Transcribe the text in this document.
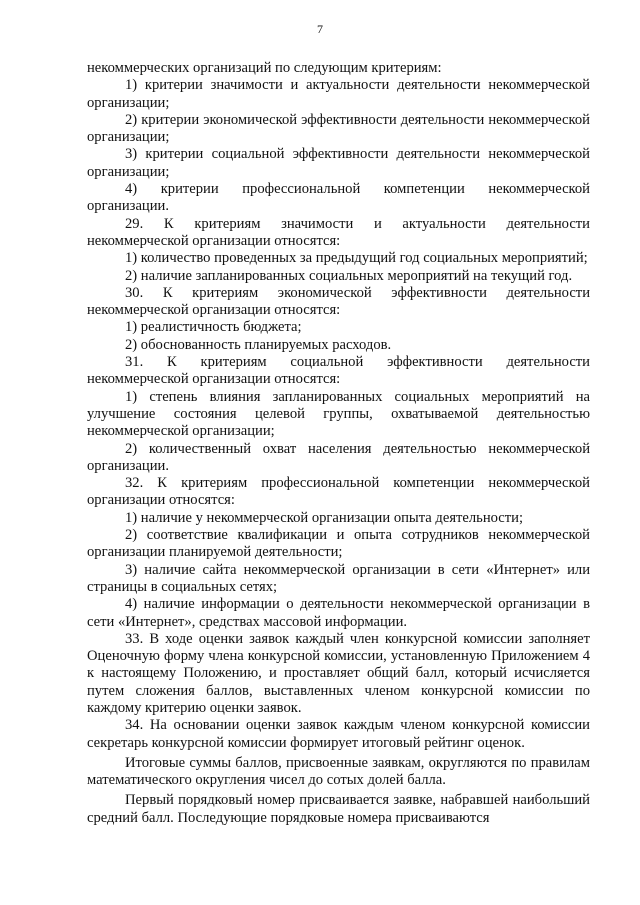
7

некоммерческих организаций по следующим критериям:

1) критерии значимости и актуальности деятельности некоммерческой организации;

2) критерии экономической эффективности деятельности некоммерческой организации;

3) критерии социальной эффективности деятельности некоммерческой организации;

4) критерии профессиональной компетенции некоммерческой организации.

29. К критериям значимости и актуальности деятельности некоммерческой организации относятся:

1) количество проведенных за предыдущий год социальных мероприятий;

2) наличие запланированных социальных мероприятий на текущий год.

30. К критериям экономической эффективности деятельности некоммерческой организации относятся:

1) реалистичность бюджета;

2) обоснованность планируемых расходов.

31. К критериям социальной эффективности деятельности некоммерческой организации относятся:

1) степень влияния запланированных социальных мероприятий на улучшение состояния целевой группы, охватываемой деятельностью некоммерческой организации;

2) количественный охват населения деятельностью некоммерческой организации.

32. К критериям профессиональной компетенции некоммерческой организации относятся:

1) наличие у некоммерческой организации опыта деятельности;

2) соответствие квалификации и опыта сотрудников некоммерческой организации планируемой деятельности;

3) наличие сайта некоммерческой организации в сети «Интернет» или страницы в социальных сетях;

4) наличие информации о деятельности некоммерческой организации в сети «Интернет», средствах массовой информации.

33. В ходе оценки заявок каждый член конкурсной комиссии заполняет Оценочную форму члена конкурсной комиссии, установленную Приложением 4 к настоящему Положению, и проставляет общий балл, который исчисляется путем сложения баллов, выставленных членом конкурсной комиссии по каждому критерию оценки заявок.

34. На основании оценки заявок каждым членом конкурсной комиссии секретарь конкурсной комиссии формирует итоговый рейтинг оценок.

Итоговые суммы баллов, присвоенные заявкам, округляются по правилам математического округления чисел до сотых долей балла.

Первый порядковый номер присваивается заявке, набравшей наибольший средний балл. Последующие порядковые номера присваиваются
